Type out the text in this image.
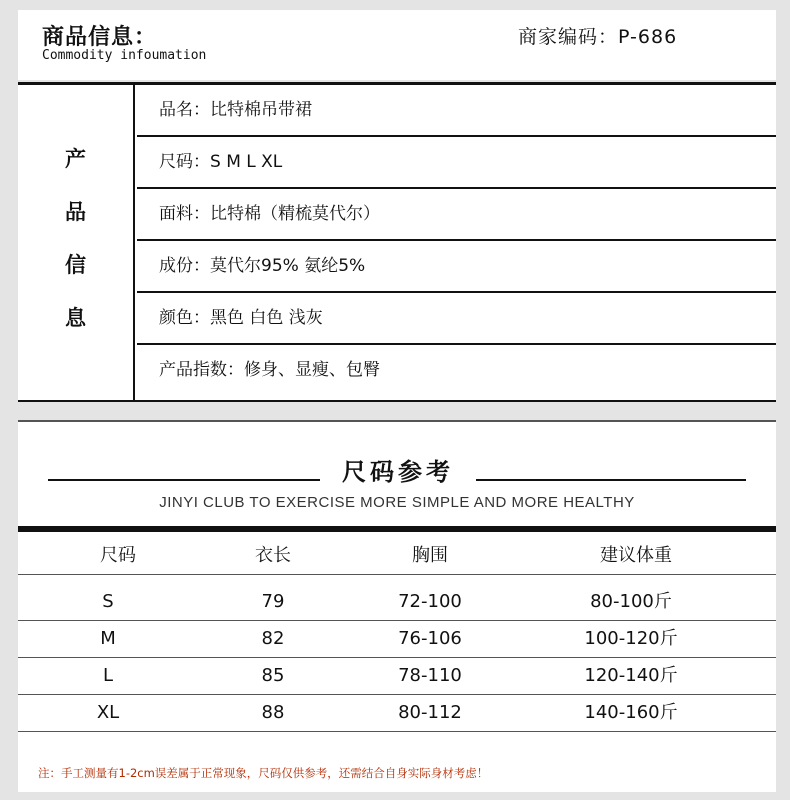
商品信息：
Commodity infoumation
商家编码：P-686
产
品
信
息
品名：比特棉吊带裙
尺码：S M L XL
面料：比特棉（精梳莫代尔）
成份：莫代尔95% 氨纶5%
颜色：黑色 白色 浅灰
产品指数：修身、显瘦、包臀
尺码参考
JINYI CLUB TO EXERCISE MORE SIMPLE AND MORE HEALTHY
尺码	衣长	胸围	建议体重
S	79	72-100	80-100斤
M	82	76-106	100-120斤
L	85	78-110	120-140斤
XL	88	80-112	140-160斤
注：手工测量有1-2cm误差属于正常现象，尺码仅供参考，还需结合自身实际身材考虑！
